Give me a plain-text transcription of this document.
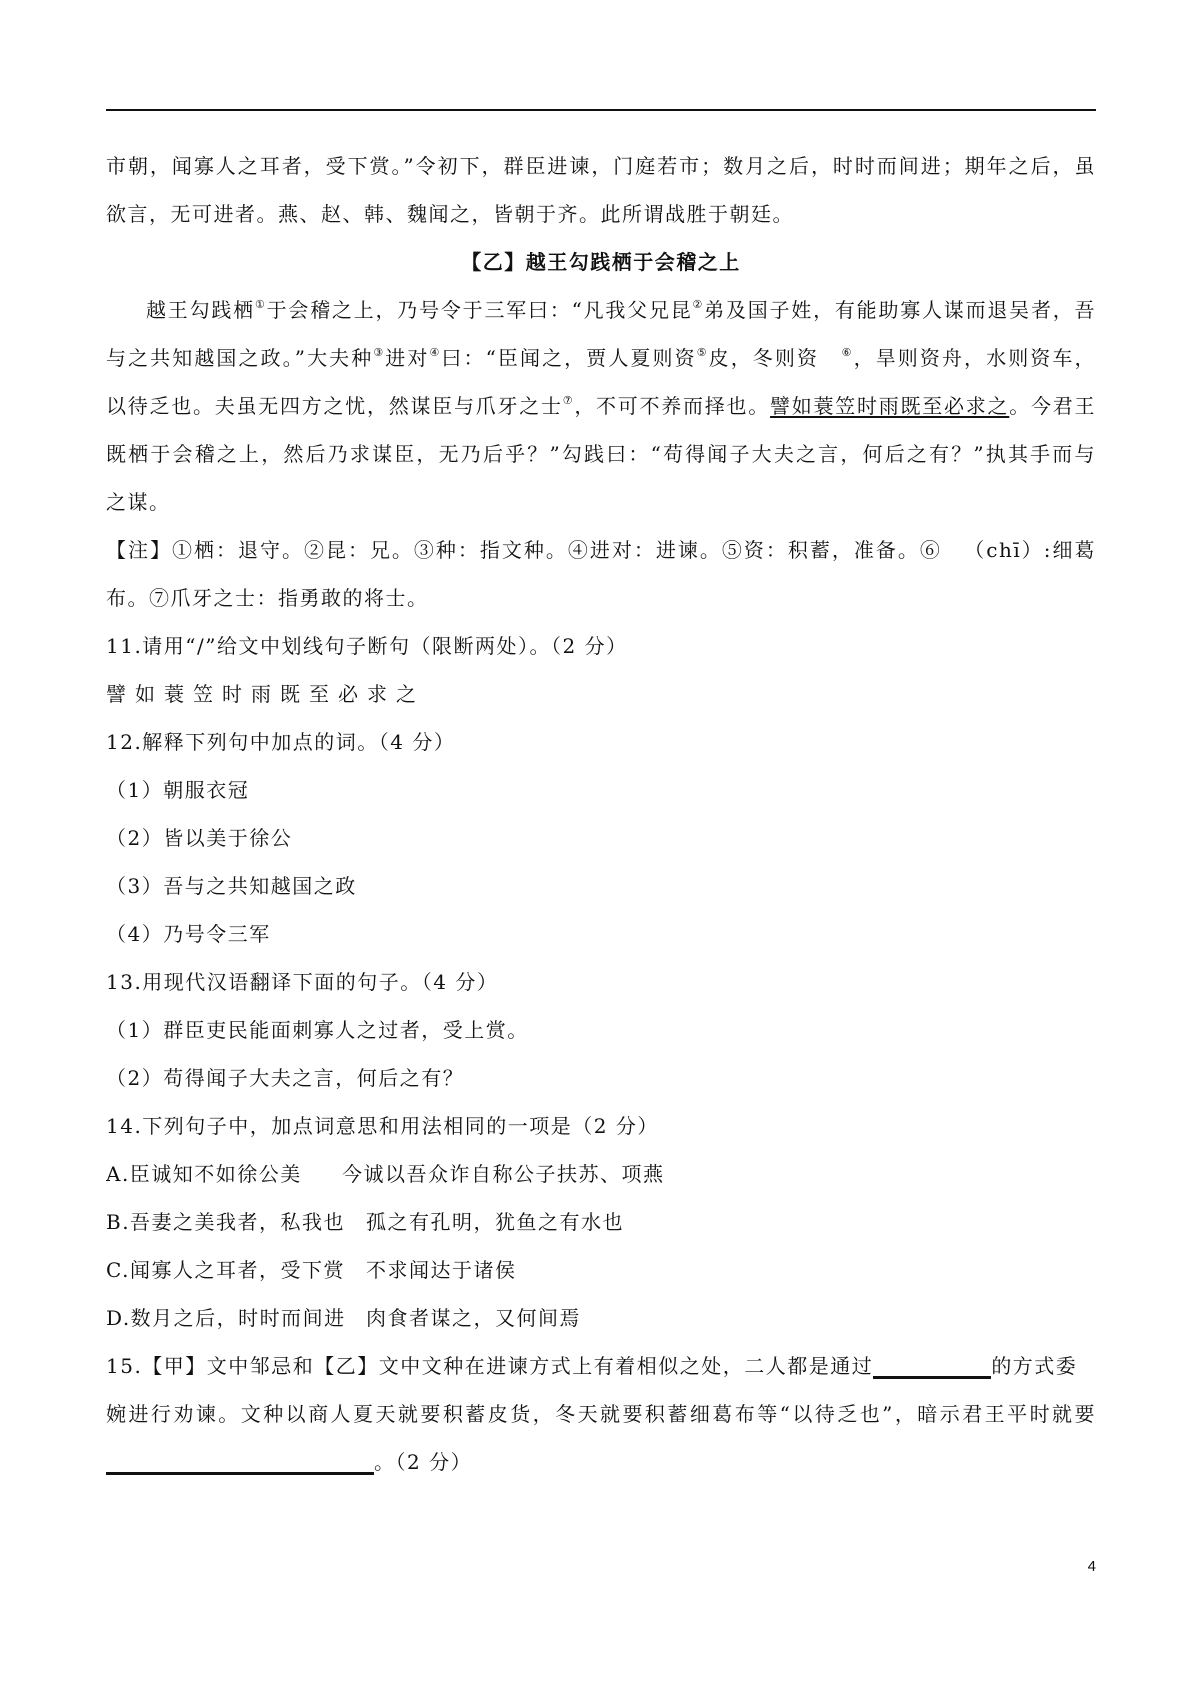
市朝，闻寡人之耳者，受下赏。”令初下，群臣进谏，门庭若市；数月之后，时时而间进；期年之后，虽

欲言，无可进者。燕、赵、韩、魏闻之，皆朝于齐。此所谓战胜于朝廷。

【乙】越王勾践栖于会稽之上

越王勾践栖①于会稽之上，乃号令于三军曰：“凡我父兄昆②弟及国子姓，有能助寡人谋而退吴者，吾

与之共知越国之政。”大夫种③进对④曰：“臣闻之，贾人夏则资⑤皮，冬则资 ⑥，旱则资舟，水则资车，

以待乏也。夫虽无四方之忧，然谋臣与爪牙之士⑦，不可不养而择也。譬如蓑笠时雨既至必求之。今君王

既栖于会稽之上，然后乃求谋臣，无乃后乎？”勾践曰：“苟得闻子大夫之言，何后之有？”执其手而与

之谋。

【注】①栖：退守。②昆：兄。③种：指文种。④进对：进谏。⑤资：积蓄，准备。⑥ （chī）:细葛

布。⑦爪牙之士：指勇敢的将士。

11.请用“/”给文中划线句子断句（限断两处）。（2 分）

譬如蓑笠时雨既至必求之

12.解释下列句中加点的词。（4 分）

（1）朝服衣冠

（2）皆以美于徐公

（3）吾与之共知越国之政

（4）乃号令三军

13.用现代汉语翻译下面的句子。（4 分）

（1）群臣吏民能面刺寡人之过者，受上赏。

（2）苟得闻子大夫之言，何后之有？

14.下列句子中，加点词意思和用法相同的一项是（2 分）

A.臣诚知不如徐公美 今诚以吾众诈自称公子扶苏、项燕

B.吾妻之美我者，私我也 孤之有孔明，犹鱼之有水也

C.闻寡人之耳者，受下赏 不求闻达于诸侯

D.数月之后，时时而间进 肉食者谋之，又何间焉

15.【甲】文中邹忌和【乙】文中文种在进谏方式上有着相似之处，二人都是通过	的方式委

婉进行劝谏。文种以商人夏天就要积蓄皮货，冬天就要积蓄细葛布等“以待乏也”，暗示君王平时就要

。（2 分）

4
